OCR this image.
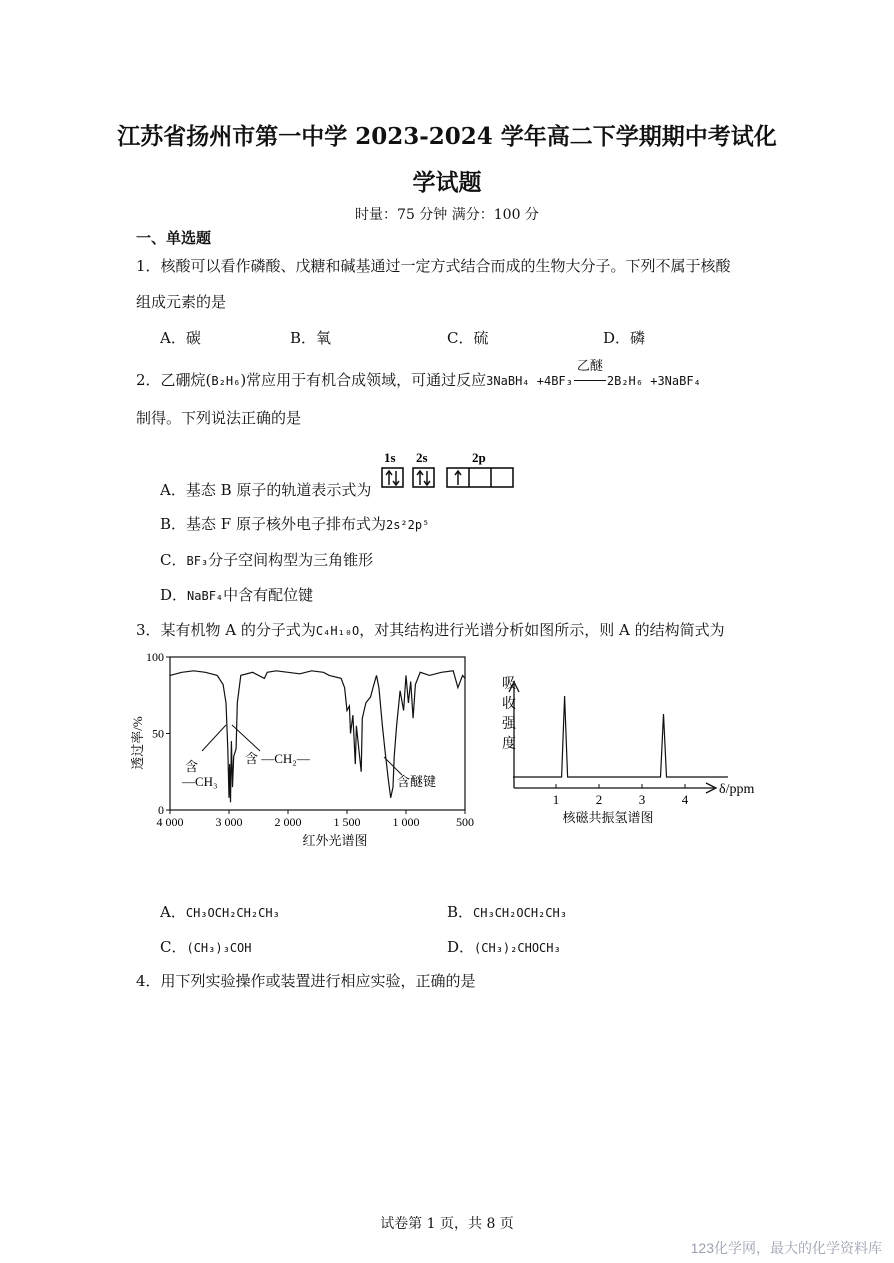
江苏省扬州市第一中学 2023-2024 学年高二下学期期中考试化
学试题
时量：75 分钟 满分：100 分
一、单选题
1．核酸可以看作磷酸、戊糖和碱基通过一定方式结合而成的生物大分子。下列不属于核酸
组成元素的是
A．碳	B．氧	C．硫	D．磷
2．乙硼烷(B₂H₆)常应用于有机合成领域，可通过反应3NaBH₄ +4BF₃
乙醚
2B₂H₆ +3NaBF₄
制得。下列说法正确的是
A．基态 B 原子的轨道表示式为
1s 2s	2p
B．基态 F 原子核外电子排布式为2s²2p⁵
C．BF₃分子空间构型为三角锥形
D．NaBF₄中含有配位键
3．某有机物 A 的分子式为C₄H₁₀O，对其结构进行光谱分析如图所示，则 A 的结构简式为
100
50
0
4 000	3 000	2 000	1 500	1 000	500
透过率/%	含
—CH₃
含 —CH₂—
含醚键
红外光谱图
吸
收
强
度
δ/ppm
1	2	3	4
核磁共振氢谱图
A．CH₃OCH₂CH₂CH₃	B．CH₃CH₂OCH₂CH₃
C．(CH₃)₃COH	D．(CH₃)₂CHOCH₃
4．用下列实验操作或装置进行相应实验，正确的是
试卷第 1 页，共 8 页
123化学网，最大的化学资料库
